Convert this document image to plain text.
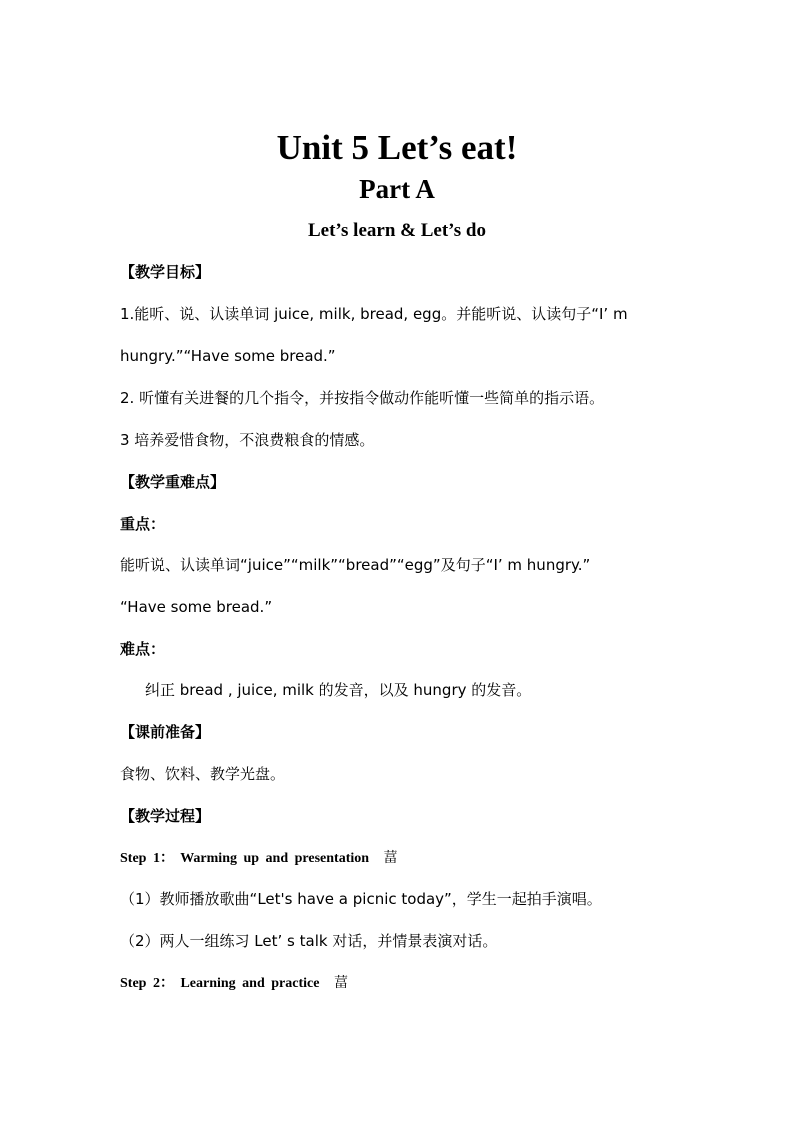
Unit 5 Let’s eat!
Part A
Let’s learn & Let’s do
【教学目标】
1.能听、说、认读单词 juice, milk, bread, egg。并能听说、认读句子“I’ m
hungry.”“Have some bread.”
2. 听懂有关进餐的几个指令，并按指令做动作能听懂一些简单的指示语。
3 培养爱惜食物，不浪费粮食的情感。
【教学重难点】
重点：
能听说、认读单词“juice”“milk”“bread”“egg”及句子“I’ m hungry.”
“Have some bread.”
难点：
纠正 bread , juice, milk 的发音，以及 hungry 的发音。
【课前准备】
食物、饮料、教学光盘。
【教学过程】
Step 1： Warming up and presentation 葍
（1）教师播放歌曲“Let's have a picnic today”，学生一起拍手演唱。
（2）两人一组练习 Let’ s talk 对话，并情景表演对话。
Step 2： Learning and practice 葍
